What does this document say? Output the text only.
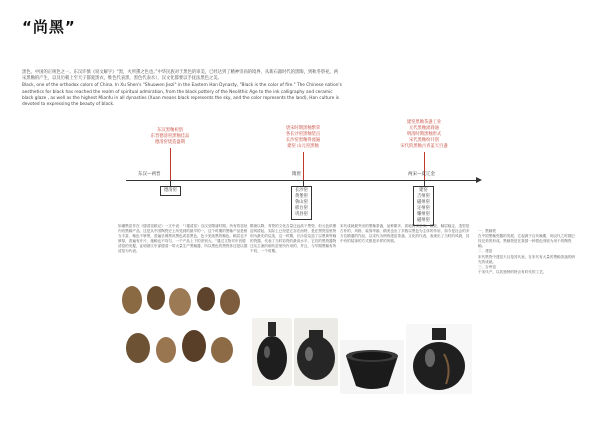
“尚黑”

黑色，中国的正统色之一。东汉许慎《说文解字》“黑，火所熏之色也。”中华民族对于黑色的审美，已经达到了精神崇尚的境界，从新石器时代的黑陶，到秋冬祭祀，两宋黑釉的产生，以及历朝上至天子都爱黑衣，维色代表黑，黑色代表水），汉文化都要以手抚法黑色之美。

Black, one of the orthodox colors of China. In Xu Shen's "Shuowen Jiezi" in the Eastern Han Dynasty, "Black is the color of fire." The Chinese nation's aesthetics for black has reached the realm of spiritual admiration, from the black pottery of the Neolithic Age to the ink calligraphy and ceramic black glaze , as well as the highest Mianfu in all dynasties (Xuan means black represents the sky, and the color represents the land), Han culture is devoted to expressing the beauty of black.

东汉黑釉初创
东晋德清窑黑釉佳品
德清窑烧造盛期
唐宋时期黑釉繁荣
各长沙窑黑釉装点
长沙窑黑釉得流遍
建窑 山元窑黑釉
建窑黑釉茶盏工业
元代黑釉流商通
明清时期黑釉形式
宋代黑釉纷开创
宋代的黑釉古青盖天目盏
东汉—两晋	隋唐	两宋—夏辽金
德清窑	长沙窑
黄堡窑
鲁山窑
邢台窑
巩县窑
建窑
吉州窑
磁州窑
定州窑
耀州窑
磁州窑

如潮黑窑作在《德清窑顾记》一文中说：“（德清窑）自汉至隋唐时期，所有的窑址内有黑釉产品，这是从中国陶瓷史上所见到的最早的一，这个时期的黑釉产品是相当丰富，釉色不够黑，普遍呈褐黑或黑色或显黑色，色少见纯黑的釉色。釉层也不够厚，普遍有开片，施釉也不均匀，一个产品上下的差别大。”通过文物对东晋德清窑的发掘，证明浙江东部德清一带大量生产黑釉器，所以黑色的黑瓷体还是以德清窑为代表。

隋唐以降，青瓷的文化含量还远高于黑瓷，但元色浓墨迎风拔起，实际上已经是它存在而特，是在黑瓷窑里特别为最先的烧造，这一时期，长沙窑烧造了以黑黄等釉的瓷器，代表了当时彩瓷的最高水平，它们的黑瓷器物还从主流的朝代窑里所作用的，并且，与早期黑釉有所不同，一个时期。

宋代成就最突出的黑釉茶盏，品种繁多，质地特别坚实，精致、釉层稳定，造型是古朴的，风格、装饰华丽、精美也出了多数以黑色为主体的作用，如今是社会的多方位精通的作品，以宋代为例的建窑茶盏，文化的代表，表现出了当时的风貌，其中有的装饰的方式都是多样的风格。

一、黑釉瓷
在中国黑釉瓷器的发展，它起源于汉代晚期，到汉代之时期已经完美的形成。黑釉瓷是在我国一种着色剂较为用于的陶瓷釉。
二、建窑
宋代黑瓷中建窑天目是其代表，在宋代有大量的黑釉茶盏的研究的成就。
三、吉州窑
于宋代产，以其独特的特点有时代的工艺。
